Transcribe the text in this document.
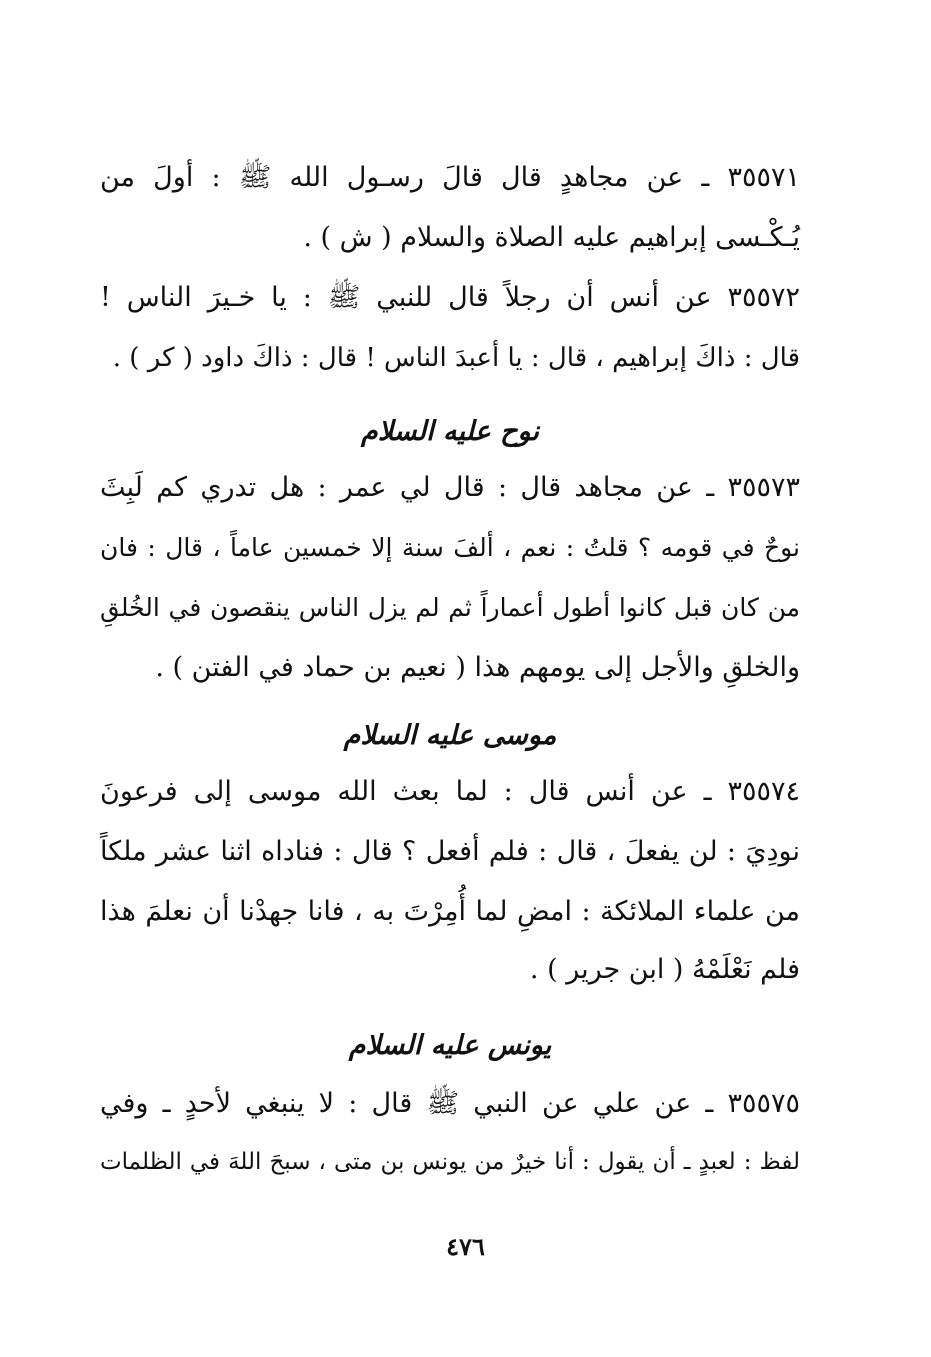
٣٥٥٧١ ـ عن مجاهدٍ قال قالَ رسـول الله ﷺ : أولَ من
يُـكْـسى إبراهيم عليه الصلاة والسلام ( ش ) .
٣٥٥٧٢ عن أنس أن رجلاً قال للنبي ﷺ : يا خـيرَ الناس !
قال : ذاكَ إبراهيم ، قال : يا أعبدَ الناس ! قال : ذاكَ داود ( كر ) .
نوح عليه السلام
٣٥٥٧٣ ـ عن مجاهد قال : قال لي عمر : هل تدري كم لَبِثَ
نوحٌ في قومه ؟ قلتُ : نعم ، ألفَ سنة إلا خمسين عاماً ، قال : فان
من كان قبل كانوا أطول أعماراً ثم لم يزل الناس ينقصون في الخُلقِ
والخلقِ والأجل إلى يومهم هذا ( نعيم بن حماد في الفتن ) .
موسى عليه السلام
٣٥٥٧٤ ـ عن أنس قال : لما بعث الله موسى إلى فرعونَ
نودِيَ : لن يفعلَ ، قال : فلم أفعل ؟ قال : فناداه اثنا عشر ملكاً
من علماء الملائكة : امضِ لما أُمِرْتَ به ، فانا جهدْنا أن نعلمَ هذا
فلم نَعْلَمْهُ ( ابن جرير ) .
يونس عليه السلام
٣٥٥٧٥ ـ عن علي عن النبي ﷺ قال : لا ينبغي لأحدٍ ـ وفي
لفظ : لعبدٍ ـ أن يقول : أنا خيرٌ من يونس بن متى ، سبحَ اللهَ في الظلمات
٤٧٦
